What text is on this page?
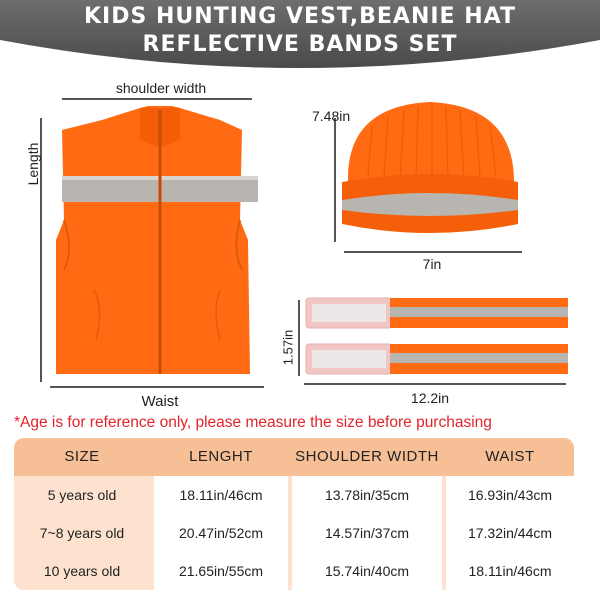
KIDS HUNTING VEST,BEANIE HAT
REFLECTIVE BANDS SET
shoulder width
Length
Waist
7.48in
7in
1.57in
12.2in
*Age is for reference only, please measure the size before purchasing
SIZE	LENGHT	SHOULDER WIDTH	WAIST
5 years old	18.11in/46cm	13.78in/35cm	16.93in/43cm
7~8 years old	20.47in/52cm	14.57in/37cm	17.32in/44cm
10 years old	21.65in/55cm	15.74in/40cm	18.11in/46cm
